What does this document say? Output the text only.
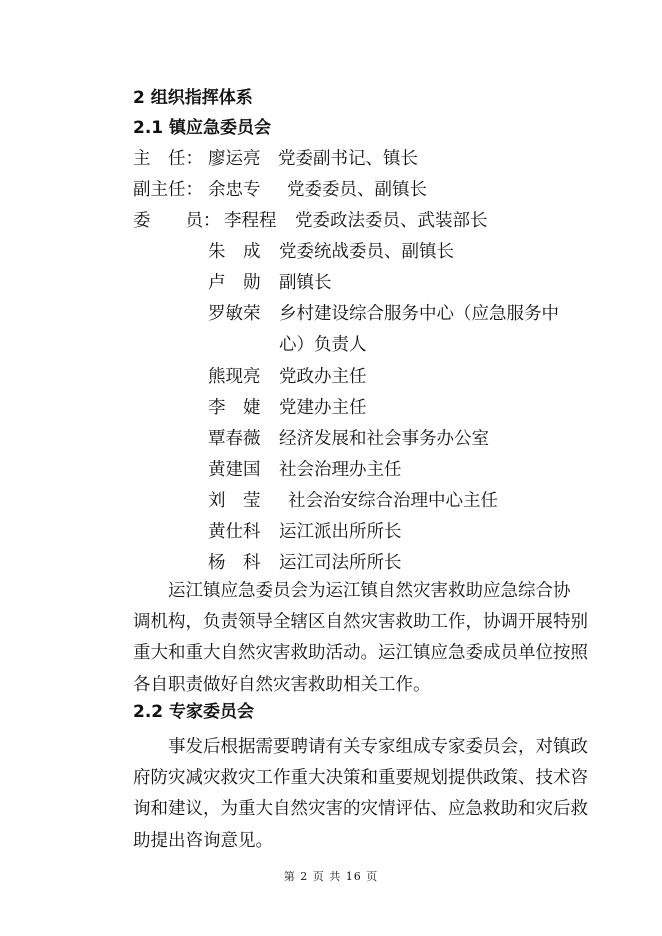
2 组织指挥体系
2.1 镇应急委员会
主　任： 廖运亮 党委副书记、镇长
副主任： 余忠专 党委委员、副镇长
委　　员： 李程程 党委政法委员、武装部长
朱　成 党委统战委员、副镇长
卢　勋 副镇长
罗敏荣 乡村建设综合服务中心（应急服务中
心）负责人
熊现亮 党政办主任
李　婕 党建办主任
覃春薇 经济发展和社会事务办公室
黄建国 社会治理办主任
刘　莹 社会治安综合治理中心主任
黄仕科 运江派出所所长
杨　科 运江司法所所长
　　运江镇应急委员会为运江镇自然灾害救助应急综合协
调机构，负责领导全辖区自然灾害救助工作，协调开展特别
重大和重大自然灾害救助活动。运江镇应急委成员单位按照
各自职责做好自然灾害救助相关工作。
2.2 专家委员会
　　事发后根据需要聘请有关专家组成专家委员会，对镇政
府防灾减灾救灾工作重大决策和重要规划提供政策、技术咨
询和建议，为重大自然灾害的灾情评估、应急救助和灾后救
助提出咨询意见。
第 2 页 共 16 页
